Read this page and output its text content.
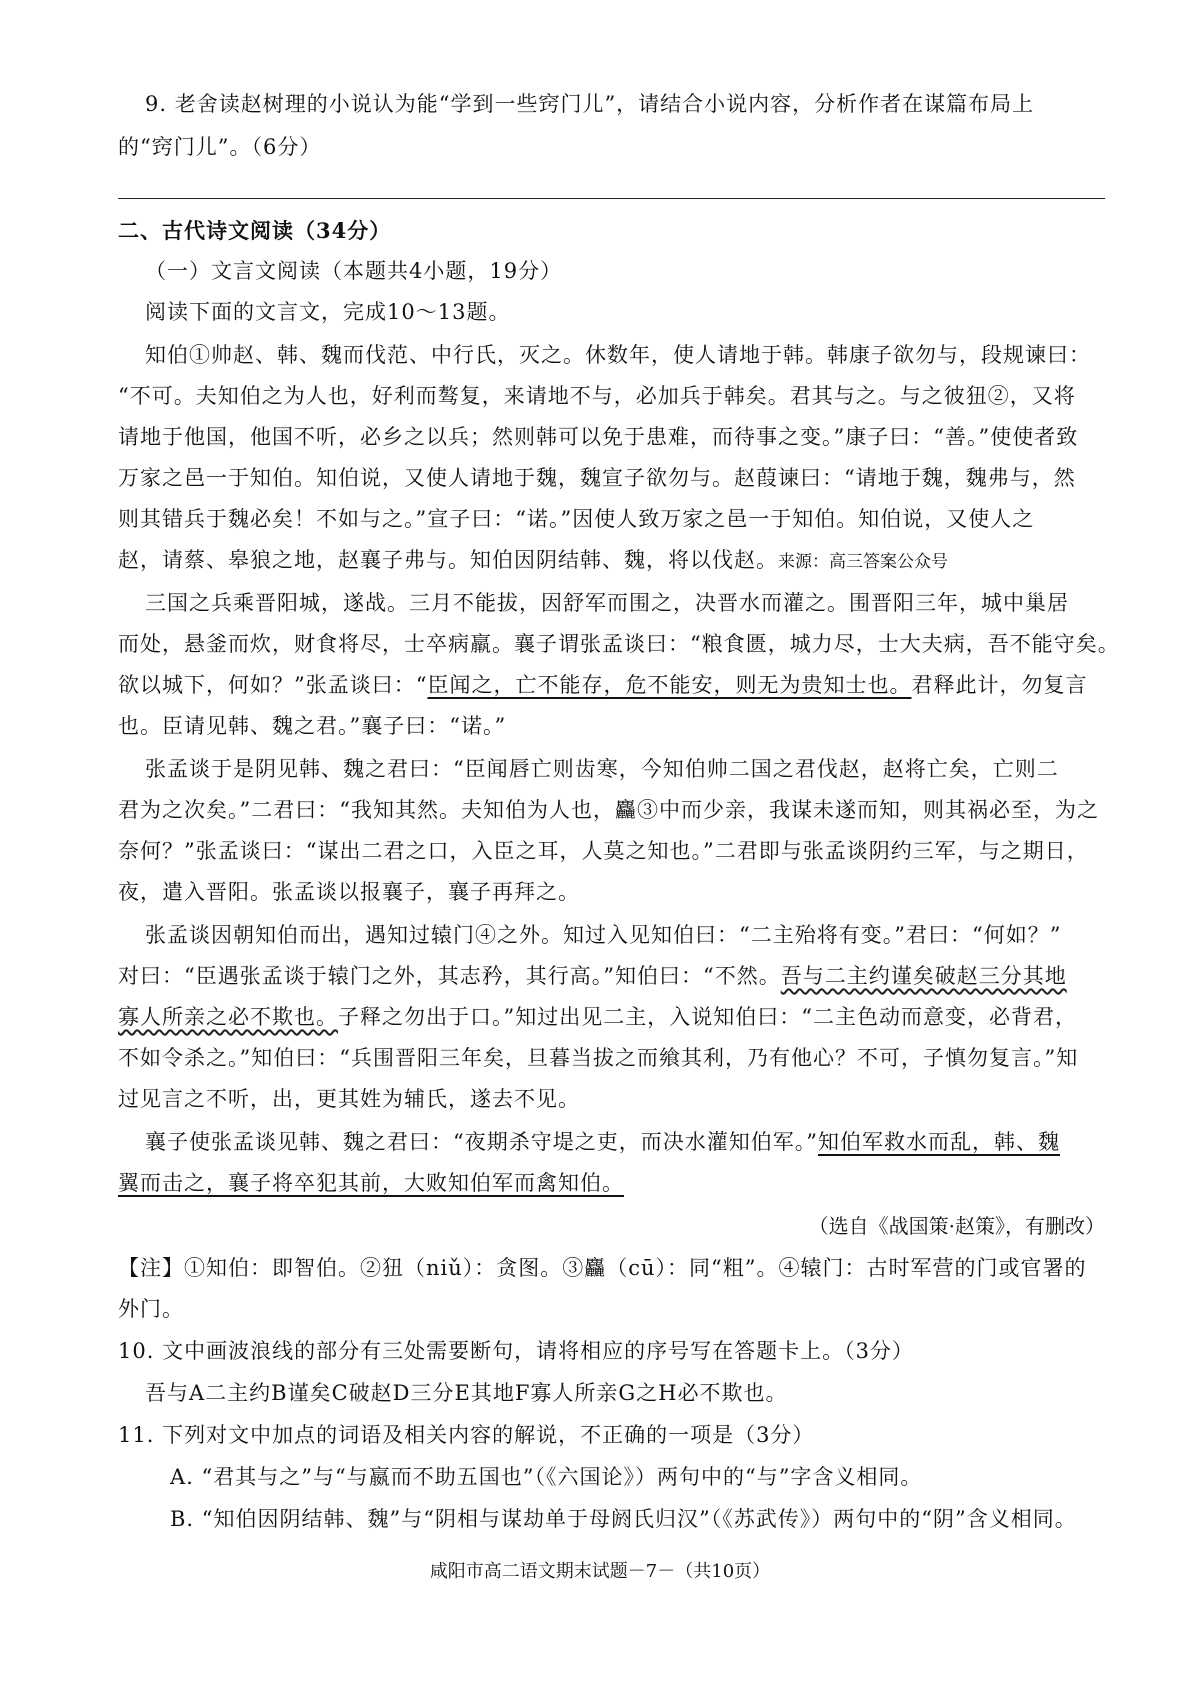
9. 老舍读赵树理的小说认为能“学到一些窍门儿”，请结合小说内容，分析作者在谋篇布局上
的“窍门儿”。（6分）
二、古代诗文阅读（34分）
（一）文言文阅读（本题共4小题，19分）
阅读下面的文言文，完成10～13题。
知伯①帅赵、韩、魏而伐范、中行氏，灭之。休数年，使人请地于韩。韩康子欲勿与，段规谏曰：
“不可。夫知伯之为人也，好利而骜复，来请地不与，必加兵于韩矣。君其与之。与之彼狃②，又将
请地于他国，他国不听，必乡之以兵；然则韩可以免于患难，而待事之变。”康子曰：“善。”使使者致
万家之邑一于知伯。知伯说，又使人请地于魏，魏宣子欲勿与。赵葭谏曰：“请地于魏，魏弗与，然
则其错兵于魏必矣！不如与之。”宣子曰：“诺。”因使人致万家之邑一于知伯。知伯说，又使人之
赵，请蔡、皋狼之地，赵襄子弗与。知伯因阴结韩、魏，将以伐赵。来源：高三答案公众号
三国之兵乘晋阳城，遂战。三月不能拔，因舒军而围之，决晋水而灌之。围晋阳三年，城中巢居
而处，悬釜而炊，财食将尽，士卒病羸。襄子谓张孟谈曰：“粮食匮，城力尽，士大夫病，吾不能守矣。
欲以城下，何如？”张孟谈曰：“臣闻之，亡不能存，危不能安，则无为贵知士也。君释此计，勿复言
也。臣请见韩、魏之君。”襄子曰：“诺。”
张孟谈于是阴见韩、魏之君曰：“臣闻唇亡则齿寒，今知伯帅二国之君伐赵，赵将亡矣，亡则二
君为之次矣。”二君曰：“我知其然。夫知伯为人也，麤③中而少亲，我谋未遂而知，则其祸必至，为之
奈何？”张孟谈曰：“谋出二君之口，入臣之耳，人莫之知也。”二君即与张孟谈阴约三军，与之期日，
夜，遣入晋阳。张孟谈以报襄子，襄子再拜之。
张孟谈因朝知伯而出，遇知过辕门④之外。知过入见知伯曰：“二主殆将有变。”君曰：“何如？”
对曰：“臣遇张孟谈于辕门之外，其志矜，其行高。”知伯曰：“不然。吾与二主约谨矣破赵三分其地
寡人所亲之必不欺也。子释之勿出于口。”知过出见二主，入说知伯曰：“二主色动而意变，必背君，
不如令杀之。”知伯曰：“兵围晋阳三年矣，旦暮当拔之而飨其利，乃有他心？不可，子慎勿复言。”知
过见言之不听，出，更其姓为辅氏，遂去不见。
襄子使张孟谈见韩、魏之君曰：“夜期杀守堤之吏，而决水灌知伯军。”知伯军救水而乱，韩、魏
翼而击之，襄子将卒犯其前，大败知伯军而禽知伯。
（选自《战国策·赵策》，有删改）
【注】①知伯：即智伯。②狃（niǔ）：贪图。③麤（cū）：同“粗”。④辕门：古时军营的门或官署的
外门。
10. 文中画波浪线的部分有三处需要断句，请将相应的序号写在答题卡上。（3分）
吾与A二主约B谨矣C破赵D三分E其地F寡人所亲G之H必不欺也。
11. 下列对文中加点的词语及相关内容的解说，不正确的一项是（3分）
A. “君其与之”与“与嬴而不助五国也”（《六国论》）两句中的“与”字含义相同。
B. “知伯因阴结韩、魏”与“阴相与谋劫单于母阏氏归汉”（《苏武传》）两句中的“阴”含义相同。
咸阳市高二语文期末试题－7－（共10页）
